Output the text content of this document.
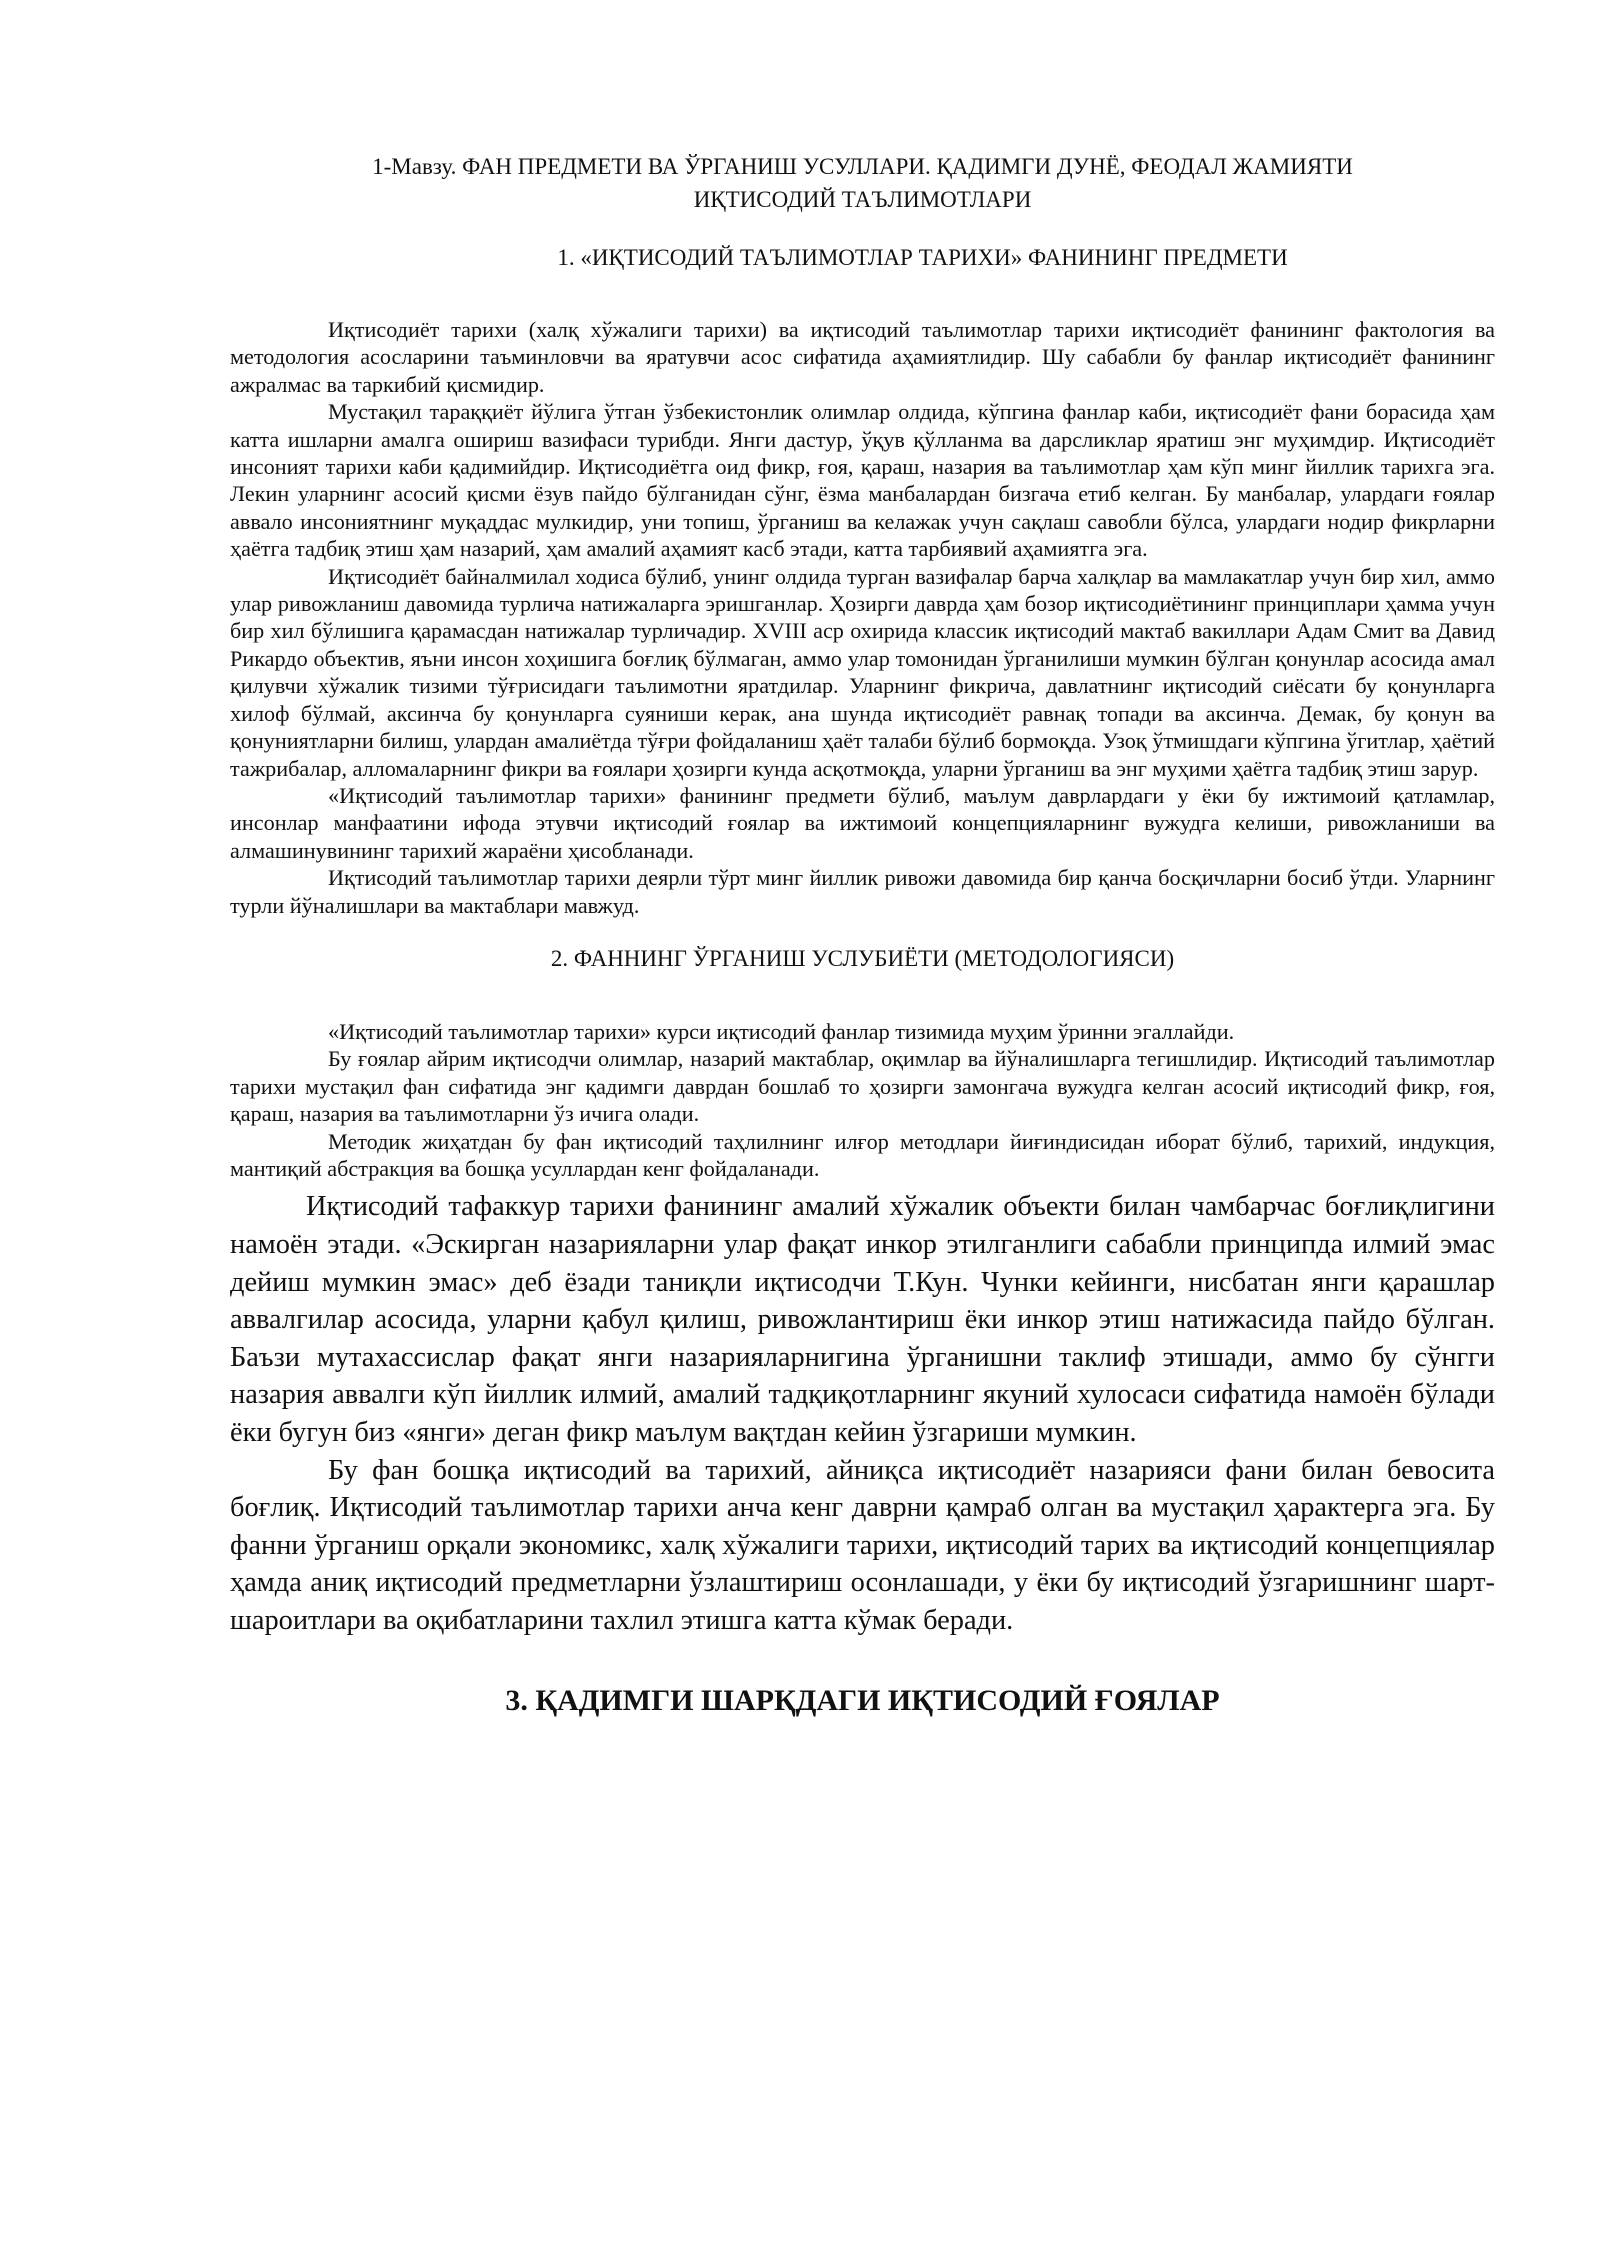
1-Мавзу. ФАН ПРЕДМЕТИ ВА ЎРГАНИШ УСУЛЛАРИ. ҚАДИМГИ ДУНЁ, ФЕОДАЛ ЖАМИЯТИ

ИҚТИСОДИЙ ТАЪЛИМОТЛАРИ

1. «ИҚТИСОДИЙ ТАЪЛИМОТЛАР ТАРИХИ» ФАНИНИНГ ПРЕДМЕТИ

Иқтисодиёт тарихи (халқ хўжалиги тарихи) ва иқтисодий таълимотлар тарихи иқтисодиёт фанининг фактология ва методология асосларини таъминловчи ва яратувчи асос сифатида аҳамиятлидир. Шу сабабли бу фанлар иқтисодиёт фанининг ажралмас ва таркибий қисмидир.

Мустақил тараққиёт йўлига ўтган ўзбекистонлик олимлар олдида, кўпгина фанлар каби, иқтисодиёт фани борасида ҳам катта ишларни амалга ошириш вазифаси турибди. Янги дастур, ўқув қўлланма ва дарсликлар яратиш энг муҳимдир. Иқтисодиёт инсоният тарихи каби қадимийдир. Иқтисодиётга оид фикр, ғоя, қараш, назария ва таълимотлар ҳам кўп минг йиллик тарихга эга. Лекин уларнинг асосий қисми ёзув пайдо бўлганидан сўнг, ёзма манбалардан бизгача етиб келган. Бу манбалар, улардаги ғоялар аввало инсониятнинг муқаддас мулкидир, уни топиш, ўрганиш ва келажак учун сақлаш савобли бўлса, улардаги нодир фикрларни ҳаётга тадбиқ этиш ҳам назарий, ҳам амалий аҳамият касб этади, катта тарбиявий аҳамиятга эга.

Иқтисодиёт байналмилал ходиса бўлиб, унинг олдида турган вазифалар барча халқлар ва мамлакатлар учун бир хил, аммо улар ривожланиш давомида турлича натижаларга эришганлар. Ҳозирги даврда ҳам бозор иқтисодиётининг принциплари ҳамма учун бир хил бўлишига қарамасдан натижалар турличадир. XVIII аср охирида классик иқтисодий мактаб вакиллари Адам Смит ва Давид Рикардо объектив, яъни инсон хоҳишига боғлиқ бўлмаган, аммо улар томонидан ўрганилиши мумкин бўлган қонунлар асосида амал қилувчи хўжалик тизими тўғрисидаги таълимотни яратдилар. Уларнинг фикрича, давлатнинг иқтисодий сиёсати бу қонунларга хилоф бўлмай, аксинча бу қонунларга суяниши керак, ана шунда иқтисодиёт равнақ топади ва аксинча. Демак, бу қонун ва қонуниятларни билиш, улардан амалиётда тўғри фойдаланиш ҳаёт талаби бўлиб бормоқда. Узоқ ўтмишдаги кўпгина ўгитлар, ҳаётий тажрибалар, алломаларнинг фикри ва ғоялари ҳозирги кунда асқотмоқда, уларни ўрганиш ва энг муҳими ҳаётга тадбиқ этиш зарур.

«Иқтисодий таълимотлар тарихи» фанининг предмети бўлиб, маълум даврлардаги у ёки бу ижтимоий қатламлар, инсонлар манфаатини ифода этувчи иқтисодий ғоялар ва ижтимоий концепцияларнинг вужудга келиши, ривожланиши ва алмашинувининг тарихий жараёни ҳисобланади.

Иқтисодий таълимотлар тарихи деярли тўрт минг йиллик ривожи давомида бир қанча босқичларни босиб ўтди. Уларнинг турли йўналишлари ва мактаблари мавжуд.

2. ФАННИНГ ЎРГАНИШ УСЛУБИЁТИ (МЕТОДОЛОГИЯСИ)

«Иқтисодий таълимотлар тарихи» курси иқтисодий фанлар тизимида муҳим ўринни эгаллайди.

Бу ғоялар айрим иқтисодчи олимлар, назарий мактаблар, оқимлар ва йўналишларга тегишлидир. Иқтисодий таълимотлар тарихи мустақил фан сифатида энг қадимги даврдан бошлаб то ҳозирги замонгача вужудга келган асосий иқтисодий фикр, ғоя, қараш, назария ва таълимотларни ўз ичига олади.

Методик жиҳатдан бу фан иқтисодий таҳлилнинг илғор методлари йиғиндисидан иборат бўлиб, тарихий, индукция, мантиқий абстракция ва бошқа усуллардан кенг фойдаланади.

Иқтисодий тафаккур тарихи фанининг амалий хўжалик объекти билан чамбарчас боғлиқлигини намоён этади. «Эскирган назарияларни улар фақат инкор этилганлиги сабабли принципда илмий эмас дейиш мумкин эмас» деб ёзади таниқли иқтисодчи Т.Кун. Чунки кейинги, нисбатан янги қарашлар аввалгилар асосида, уларни қабул қилиш, ривожлантириш ёки инкор этиш натижасида пайдо бўлган. Баъзи мутахассислар фақат янги назарияларнигина ўрганишни таклиф этишади, аммо бу сўнгги назария аввалги кўп йиллик илмий, амалий тадқиқотларнинг якуний хулосаси сифатида намоён бўлади ёки бугун биз «янги» деган фикр маълум вақтдан кейин ўзгариши мумкин.

Бу фан бошқа иқтисодий ва тарихий, айниқса иқтисодиёт назарияси фани билан бевосита боғлиқ. Иқтисодий таълимотлар тарихи анча кенг даврни қамраб олган ва мустақил ҳарактерга эга. Бу фанни ўрганиш орқали экономикс, халқ хўжалиги тарихи, иқтисодий тарих ва иқтисодий концепциялар ҳамда аниқ иқтисодий предметларни ўзлаштириш осонлашади, у ёки бу иқтисодий ўзгаришнинг шарт-шароитлари ва оқибатларини тахлил этишга катта кўмак беради.

3. ҚАДИМГИ ШАРҚДАГИ ИҚТИСОДИЙ ҒОЯЛАР
